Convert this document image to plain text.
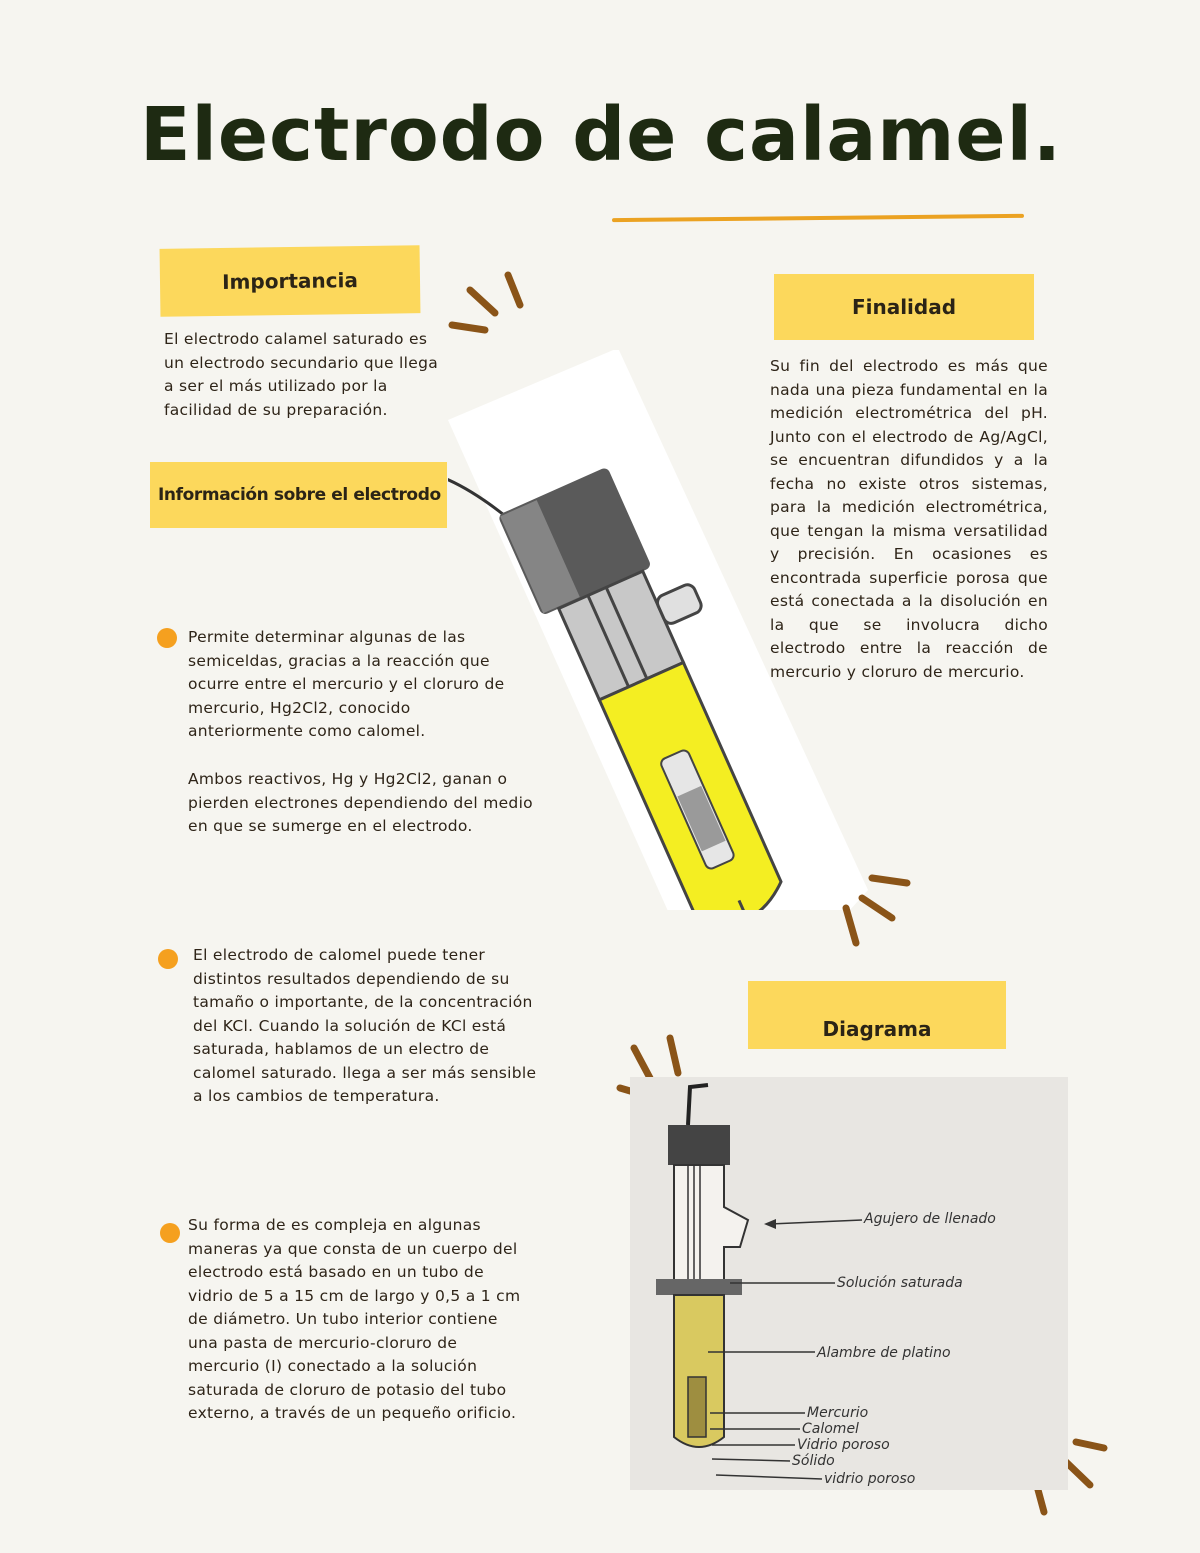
Electrodo de calamel.
Importancia
El electrodo calamel saturado es un electrodo secundario que llega a ser el más utilizado por la facilidad de su preparación.
Información sobre el electrodo
Permite determinar algunas de las semiceldas, gracias a la reacción que ocurre entre el mercurio y el cloruro de mercurio, Hg2Cl2, conocido anteriormente como calomel.
Ambos reactivos, Hg y Hg2Cl2, ganan o pierden electrones dependiendo del medio en que se sumerge en el electrodo.
El electrodo de calomel puede tener distintos resultados dependiendo de su tamaño o importante, de la concentración del KCl. Cuando la solución de KCl está saturada, hablamos de un electro de calomel saturado. llega a ser más sensible a los cambios de temperatura.
Su forma de es compleja en algunas maneras ya que consta de un cuerpo del electrodo está basado en un tubo de vidrio de 5 a 15 cm de largo y 0,5 a 1 cm de diámetro. Un tubo interior contiene una pasta de mercurio-cloruro de mercurio (I) conectado a la solución saturada de cloruro de potasio del tubo externo, a través de un pequeño orificio.
Finalidad
Su fin del electrodo es más que nada una pieza fundamental en la medición electrométrica del pH. Junto con el electrodo de Ag/AgCl, se encuentran difundidos y a la fecha no existe otros sistemas, para la medición electrométrica, que tengan la misma versatilidad y precisión. En ocasiones es encontrada superficie porosa que está conectada a la disolución en la que se involucra dicho electrodo entre la reacción de mercurio y cloruro de mercurio.
Diagrama
Agujero de llenado
Solución saturada
Alambre de platino
Mercurio
Calomel
Vidrio poroso
Sólido
vidrio poroso
